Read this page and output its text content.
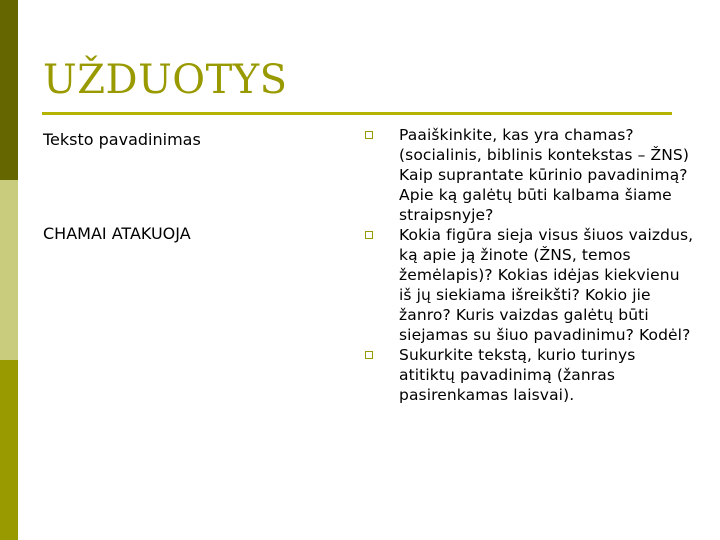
UŽDUOTYS
Teksto pavadinimas
CHAMAI ATAKUOJA
Paaiškinkite, kas yra chamas? (socialinis, biblinis kontekstas – ŽNS) Kaip suprantate kūrinio pavadinimą? Apie ką galėtų būti kalbama šiame straipsnyje?
Kokia figūra sieja visus šiuos vaizdus, ką apie ją žinote (ŽNS, temos žemėlapis)? Kokias idėjas kiekvienu iš jų siekiama išreikšti? Kokio jie žanro? Kuris vaizdas galėtų būti siejamas su šiuo pavadinimu? Kodėl?
Sukurkite tekstą, kurio turinys atitiktų pavadinimą (žanras pasirenkamas laisvai).
